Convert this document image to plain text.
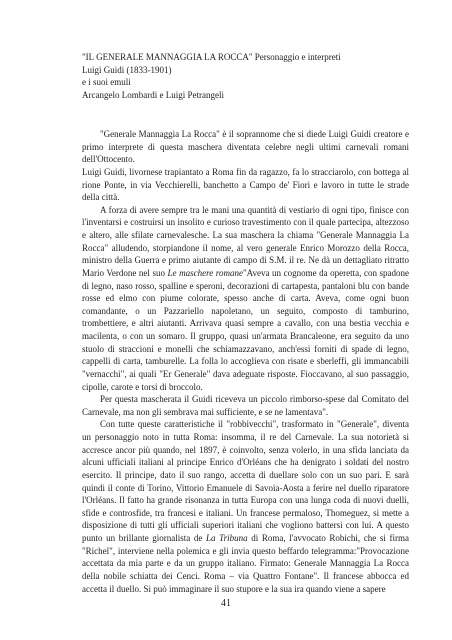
"IL GENERALE MANNAGGIA LA ROCCA" Personaggio e interpreti
Luigi Guidi (1833-1901)
e i suoi emuli
Arcangelo Lombardi e Luigi Petrangeli

"Generale Mannaggia La Rocca" è il soprannome che si diede Luigi Guidi creatore e primo interprete di questa maschera diventata celebre negli ultimi carnevali romani dell'Ottocento.

Luigi Guidi, livornese trapiantato a Roma fin da ragazzo, fa lo stracciarolo, con bottega al rione Ponte, in via Vecchierelli, banchetto a Campo de' Fiori e lavoro in tutte le strade della città.

A forza di avere sempre tra le mani una quantità di vestiario di ogni tipo, finisce con l'inventarsi e costruirsi un insolito e curioso travestimento con il quale partecipa, altezzoso e altero, alle sfilate carnevalesche. La sua maschera la chiama "Generale Mannaggia La Rocca" alludendo, storpiandone il nome, al vero generale Enrico Morozzo della Rocca, ministro della Guerra e primo aiutante di campo di S.M. il re. Ne dà un dettagliato ritratto Mario Verdone nel suo Le maschere romane"Aveva un cognome da operetta, con spadone di legno, naso rosso, spalline e speroni, decorazioni di cartapesta, pantaloni blu con bande rosse ed elmo con piume colorate, spesso anche di carta. Aveva, come ogni buon comandante, o un Pazzariello napoletano, un seguito, composto di tamburino, trombettiere, e altri aiutanti. Arrivava quasi sempre a cavallo, con una bestia vecchia e macilenta, o con un somaro. Il gruppo, quasi un'armata Brancaleone, era seguito da uno stuolo di straccioni e monelli che schiamazzavano, anch'essi forniti di spade di legno, cappelli di carta, tamburelle. La folla lo accoglieva con risate e sberleffi, gli immancabili "vernacchi", ai quali "Er Generale" dava adeguate risposte. Fioccavano, al suo passaggio, cipolle, carote e torsi di broccolo.

Per questa mascherata il Guidi riceveva un piccolo rimborso-spese dal Comitato del Carnevale, ma non gli sembrava mai sufficiente, e se ne lamentava".

Con tutte queste caratteristiche il "robbivecchi", trasformato in "Generale", diventa un personaggio noto in tutta Roma: insomma, il re del Carnevale. La sua notorietà si accresce ancor più quando, nel 1897, è coinvolto, senza volerlo, in una sfida lanciata da alcuni ufficiali italiani al principe Enrico d'Orléans che ha denigrato i soldati del nostro esercito. Il principe, dato il suo rango, accetta di duellare solo con un suo pari. E sarà quindi il conte di Torino, Vittorio Emanuele di Savoia-Aosta a ferire nel duello riparatore l'Orléans. Il fatto ha grande risonanza in tutta Europa con una lunga coda di nuovi duelli, sfide e controsfide, tra francesi e italiani. Un francese permaloso, Thomeguez, si mette a disposizione di tutti gli ufficiali superiori italiani che vogliono battersi con lui. A questo punto un brillante giornalista de La Tribuna di Roma, l'avvocato Robichi, che si firma "Richel", interviene nella polemica e gli invia questo beffardo telegramma:"Provocazione accettata da mia parte e da un gruppo italiano. Firmato: Generale Mannaggia La Rocca della nobile schiatta dei Cenci. Roma – via Quattro Fontane". Il francese abbocca ed accetta il duello. Si può immaginare il suo stupore e la sua ira quando viene a sapere

41
